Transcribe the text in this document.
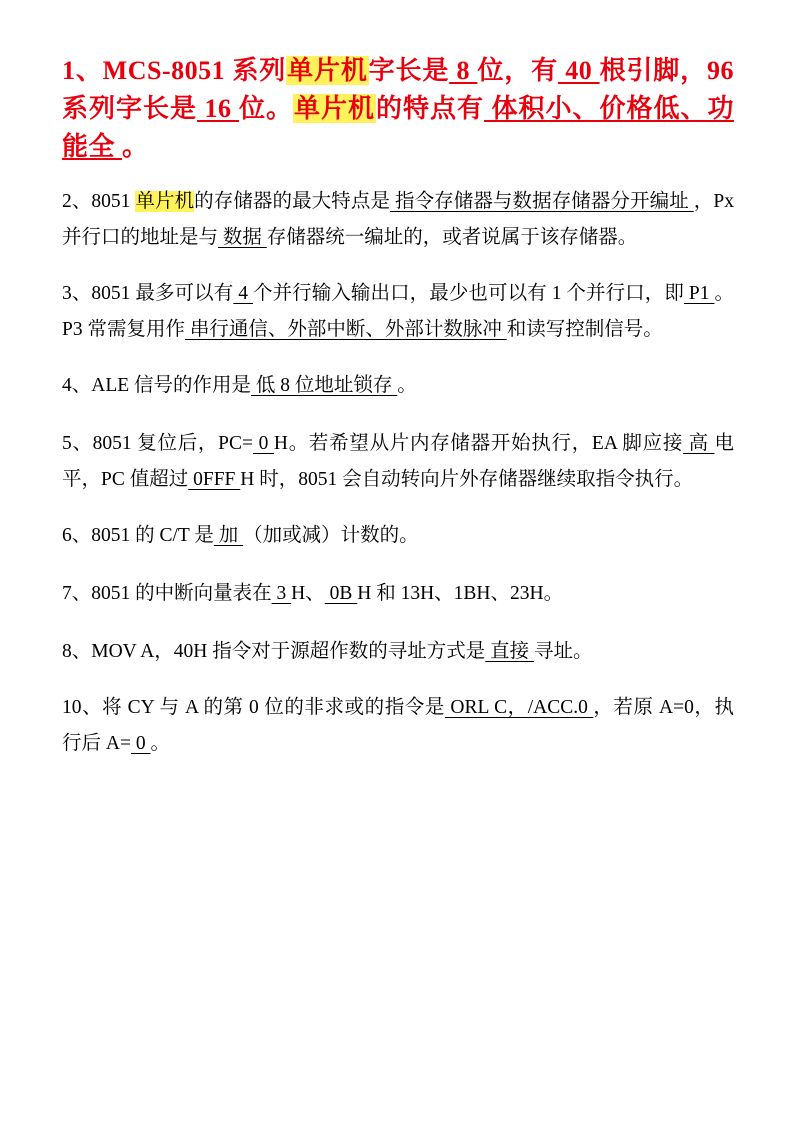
1、MCS-8051 系列单片机字长是 8 位，有 40 根引脚，96 系列字长是 16 位。单片机的特点有 体积小、价格低、功能全 。

2、8051 单片机的存储器的最大特点是 指令存储器与数据存储器分开编址 ，Px 并行口的地址是与 数据 存储器统一编址的，或者说属于该存储器。

3、8051 最多可以有 4 个并行输入输出口，最少也可以有 1 个并行口，即 P1 。P3 常需复用作 串行通信、外部中断、外部计数脉冲 和读写控制信号。

4、ALE 信号的作用是 低 8 位地址锁存 。

5、8051 复位后，PC= 0 H。若希望从片内存储器开始执行，EA 脚应接 高 电平，PC 值超过 0FFF H 时，8051 会自动转向片外存储器继续取指令执行。

6、8051 的 C/T 是 加 （加或减）计数的。

7、8051 的中断向量表在 3 H、 0B H 和 13H、1BH、23H。

8、MOV A，40H 指令对于源超作数的寻址方式是 直接 寻址。

10、将 CY 与 A 的第 0 位的非求或的指令是 ORL C，/ACC.0 ，若原 A=0，执行后 A= 0 。
